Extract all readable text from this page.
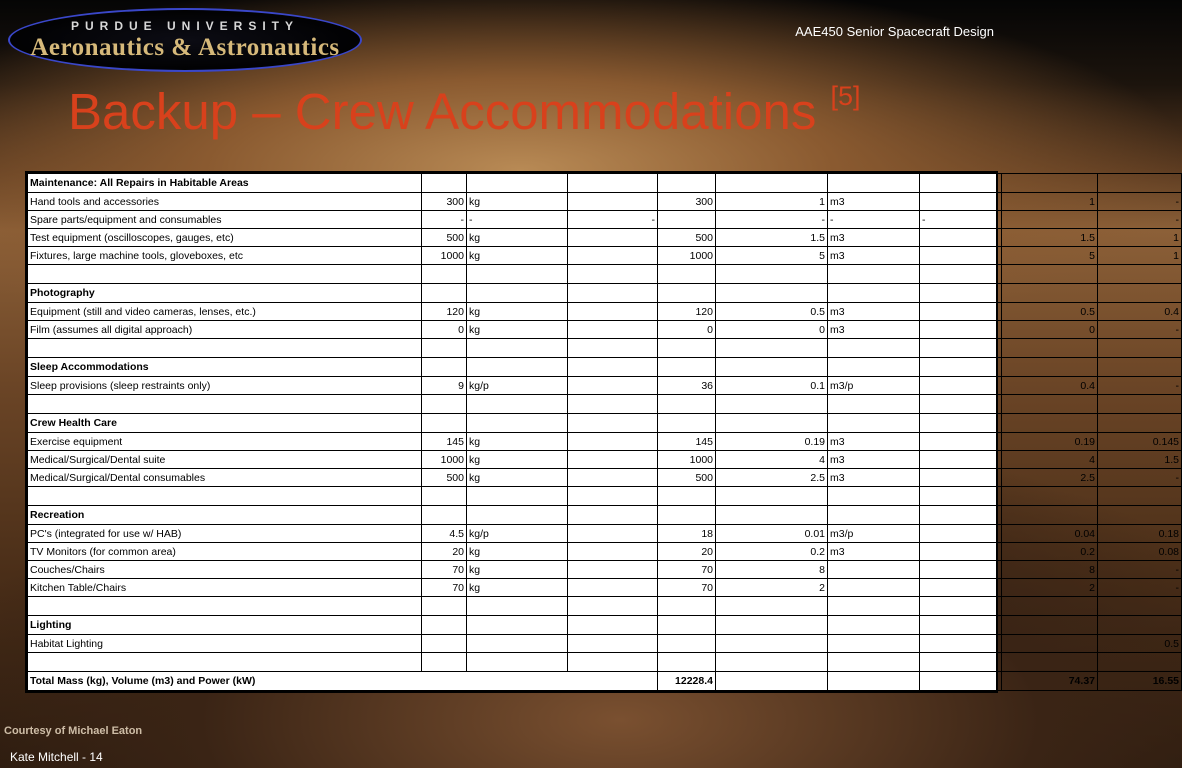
PURDUE UNIVERSITY
Aeronautics & Astronautics
AAE450 Senior Spacecraft Design
Backup – Crew Accommodations [5]
Maintenance: All Repairs in Habitable Areas									
Hand tools and accessories	300	kg		300	1	m3		1	-
Spare parts/equipment and consumables	-	-	-		-	-	-		-
Test equipment (oscilloscopes, gauges, etc)	500	kg		500	1.5	m3		1.5	1
Fixtures, large machine tools, gloveboxes, etc	1000	kg		1000	5	m3		5	1

Photography									
Equipment (still and video cameras, lenses, etc.)	120	kg		120	0.5	m3		0.5	0.4
Film (assumes all digital approach)	0	kg		0	0	m3		0	-

Sleep Accommodations									
Sleep provisions (sleep restraints only)	9	kg/p		36	0.1	m3/p		0.4	-

Crew Health Care									
Exercise equipment	145	kg		145	0.19	m3		0.19	0.145
Medical/Surgical/Dental suite	1000	kg		1000	4	m3		4	1.5
Medical/Surgical/Dental consumables	500	kg		500	2.5	m3		2.5	-

Recreation									
PC's (integrated for use w/ HAB)	4.5	kg/p		18	0.01	m3/p		0.04	0.18
TV Monitors (for common area)	20	kg		20	0.2	m3		0.2	0.08
Couches/Chairs	70	kg		70	8			8	-
Kitchen Table/Chairs	70	kg		70	2			2	-

Lighting									
Habitat Lighting									0.5

Total Mass (kg), Volume (m3) and Power (kW)				12228.4				74.37	16.55
Courtesy of Michael Eaton
Kate Mitchell - 14
